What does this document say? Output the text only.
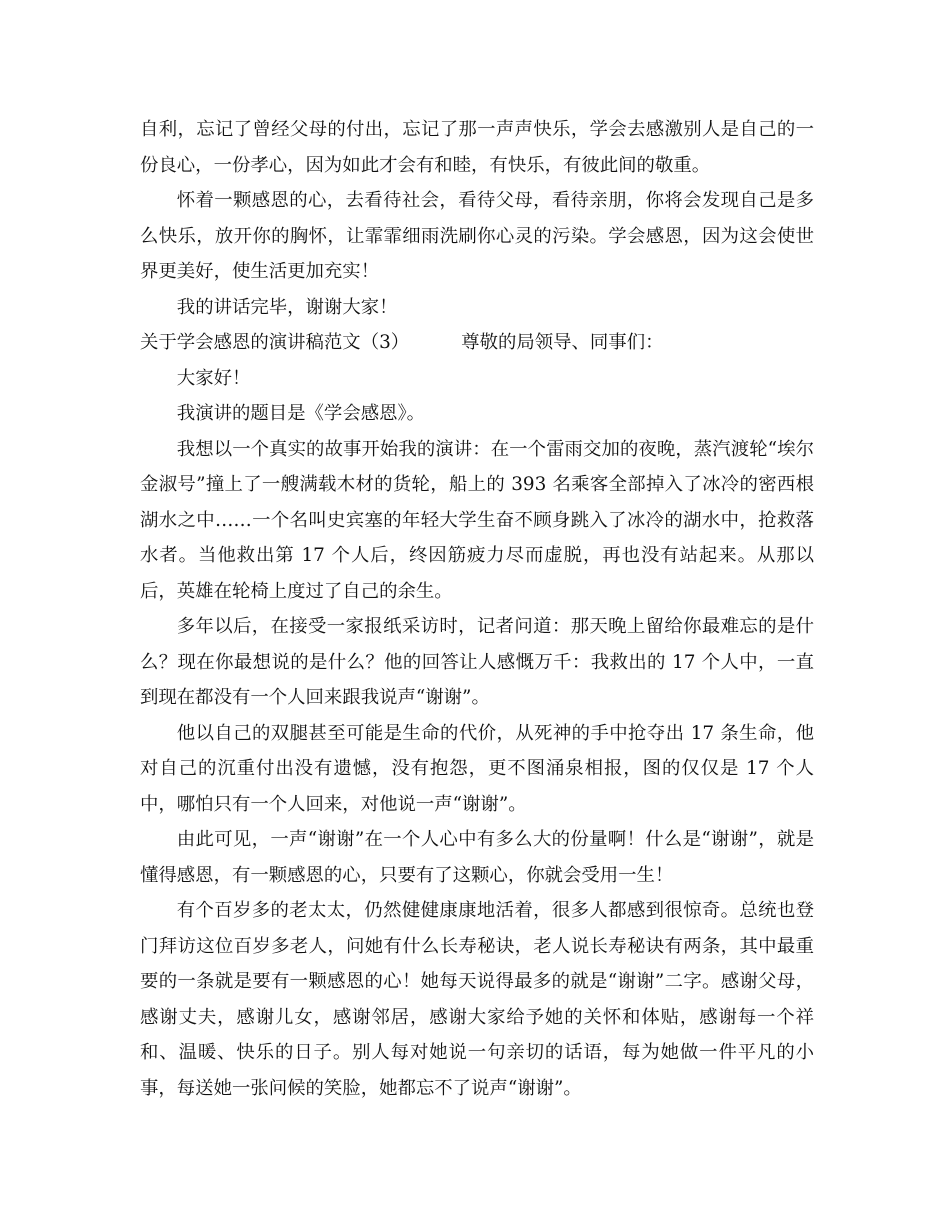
自利，忘记了曾经父母的付出，忘记了那一声声快乐，学会去感激别人是自己的一份良心，一份孝心，因为如此才会有和睦，有快乐，有彼此间的敬重。

怀着一颗感恩的心，去看待社会，看待父母，看待亲朋，你将会发现自己是多么快乐，放开你的胸怀，让霏霏细雨洗刷你心灵的污染。学会感恩，因为这会使世界更美好，使生活更加充实！

我的讲话完毕，谢谢大家！

关于学会感恩的演讲稿范文（3）	尊敬的局领导、同事们：

大家好！

我演讲的题目是《学会感恩》。

我想以一个真实的故事开始我的演讲：在一个雷雨交加的夜晚，蒸汽渡轮“埃尔金淑号”撞上了一艘满载木材的货轮，船上的 393 名乘客全部掉入了冰冷的密西根湖水之中……一个名叫史宾塞的年轻大学生奋不顾身跳入了冰冷的湖水中，抢救落水者。当他救出第 17 个人后，终因筋疲力尽而虚脱，再也没有站起来。从那以后，英雄在轮椅上度过了自己的余生。

多年以后，在接受一家报纸采访时，记者问道：那天晚上留给你最难忘的是什么？现在你最想说的是什么？他的回答让人感慨万千：我救出的 17 个人中，一直到现在都没有一个人回来跟我说声“谢谢”。

他以自己的双腿甚至可能是生命的代价，从死神的手中抢夺出 17 条生命，他对自己的沉重付出没有遗憾，没有抱怨，更不图涌泉相报，图的仅仅是 17 个人中，哪怕只有一个人回来，对他说一声“谢谢”。

由此可见，一声“谢谢”在一个人心中有多么大的份量啊！什么是“谢谢”，就是懂得感恩，有一颗感恩的心，只要有了这颗心，你就会受用一生！

有个百岁多的老太太，仍然健健康康地活着，很多人都感到很惊奇。总统也登门拜访这位百岁多老人，问她有什么长寿秘诀，老人说长寿秘诀有两条，其中最重要的一条就是要有一颗感恩的心！她每天说得最多的就是“谢谢”二字。感谢父母，感谢丈夫，感谢儿女，感谢邻居，感谢大家给予她的关怀和体贴，感谢每一个祥和、温暖、快乐的日子。别人每对她说一句亲切的话语，每为她做一件平凡的小事，每送她一张问候的笑脸，她都忘不了说声“谢谢”。
